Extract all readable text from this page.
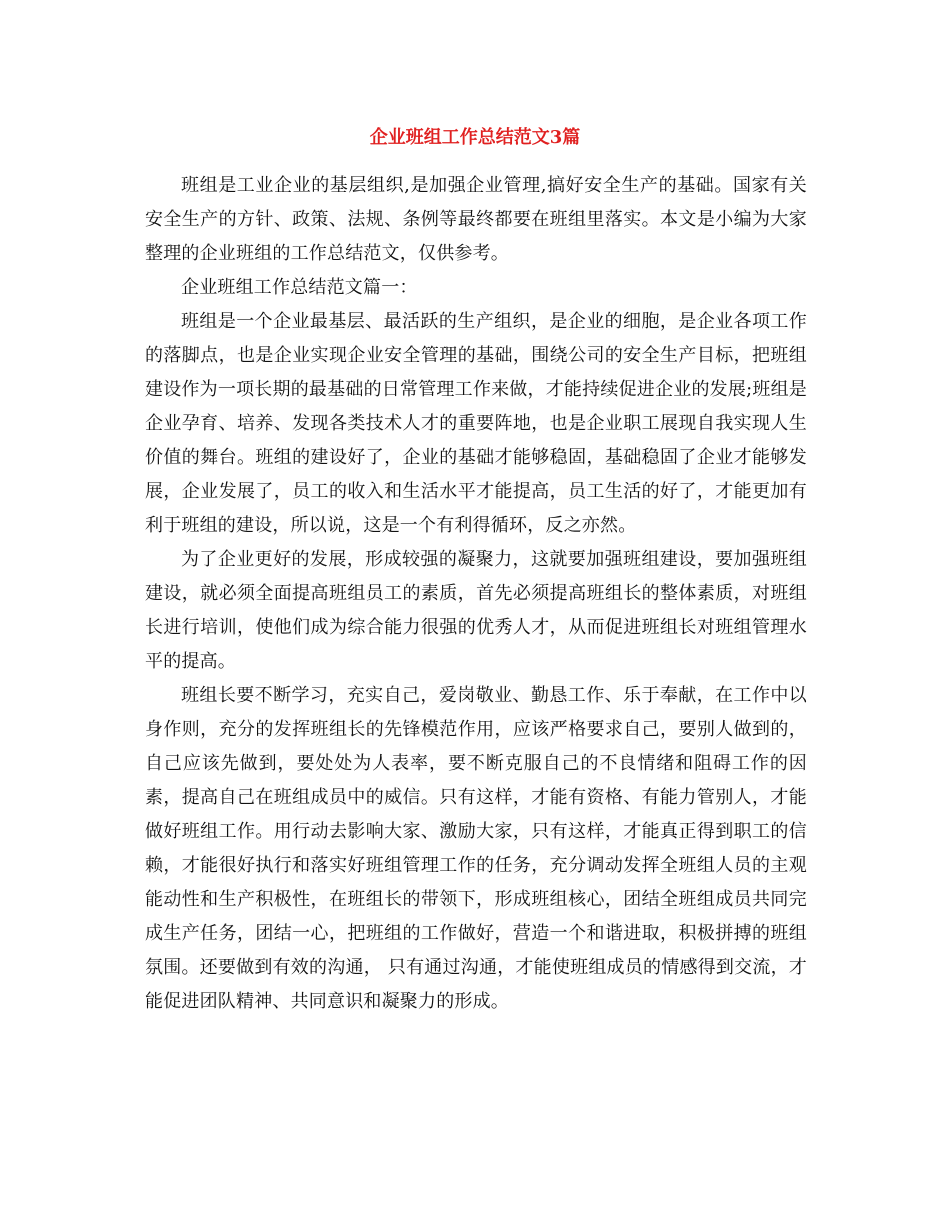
企业班组工作总结范文3篇

班组是工业企业的基层组织,是加强企业管理,搞好安全生产的基础。国家有关安全生产的方针、政策、法规、条例等最终都要在班组里落实。本文是小编为大家整理的企业班组的工作总结范文，仅供参考。

企业班组工作总结范文篇一：

班组是一个企业最基层、最活跃的生产组织，是企业的细胞，是企业各项工作的落脚点，也是企业实现企业安全管理的基础，围绕公司的安全生产目标，把班组建设作为一项长期的最基础的日常管理工作来做，才能持续促进企业的发展;班组是企业孕育、培养、发现各类技术人才的重要阵地，也是企业职工展现自我实现人生价值的舞台。班组的建设好了，企业的基础才能够稳固，基础稳固了企业才能够发展，企业发展了，员工的收入和生活水平才能提高，员工生活的好了，才能更加有利于班组的建设，所以说，这是一个有利得循环，反之亦然。

为了企业更好的发展，形成较强的凝聚力，这就要加强班组建设，要加强班组建设，就必须全面提高班组员工的素质，首先必须提高班组长的整体素质，对班组长进行培训，使他们成为综合能力很强的优秀人才，从而促进班组长对班组管理水平的提高。

班组长要不断学习，充实自己，爱岗敬业、勤恳工作、乐于奉献，在工作中以身作则，充分的发挥班组长的先锋模范作用，应该严格要求自己，要别人做到的，自己应该先做到，要处处为人表率，要不断克服自己的不良情绪和阻碍工作的因素，提高自己在班组成员中的威信。只有这样，才能有资格、有能力管别人，才能做好班组工作。用行动去影响大家、激励大家，只有这样，才能真正得到职工的信赖，才能很好执行和落实好班组管理工作的任务，充分调动发挥全班组人员的主观能动性和生产积极性，在班组长的带领下，形成班组核心，团结全班组成员共同完成生产任务，团结一心，把班组的工作做好，营造一个和谐进取，积极拼搏的班组氛围。还要做到有效的沟通， 只有通过沟通，才能使班组成员的情感得到交流，才能促进团队精神、共同意识和凝聚力的形成。
